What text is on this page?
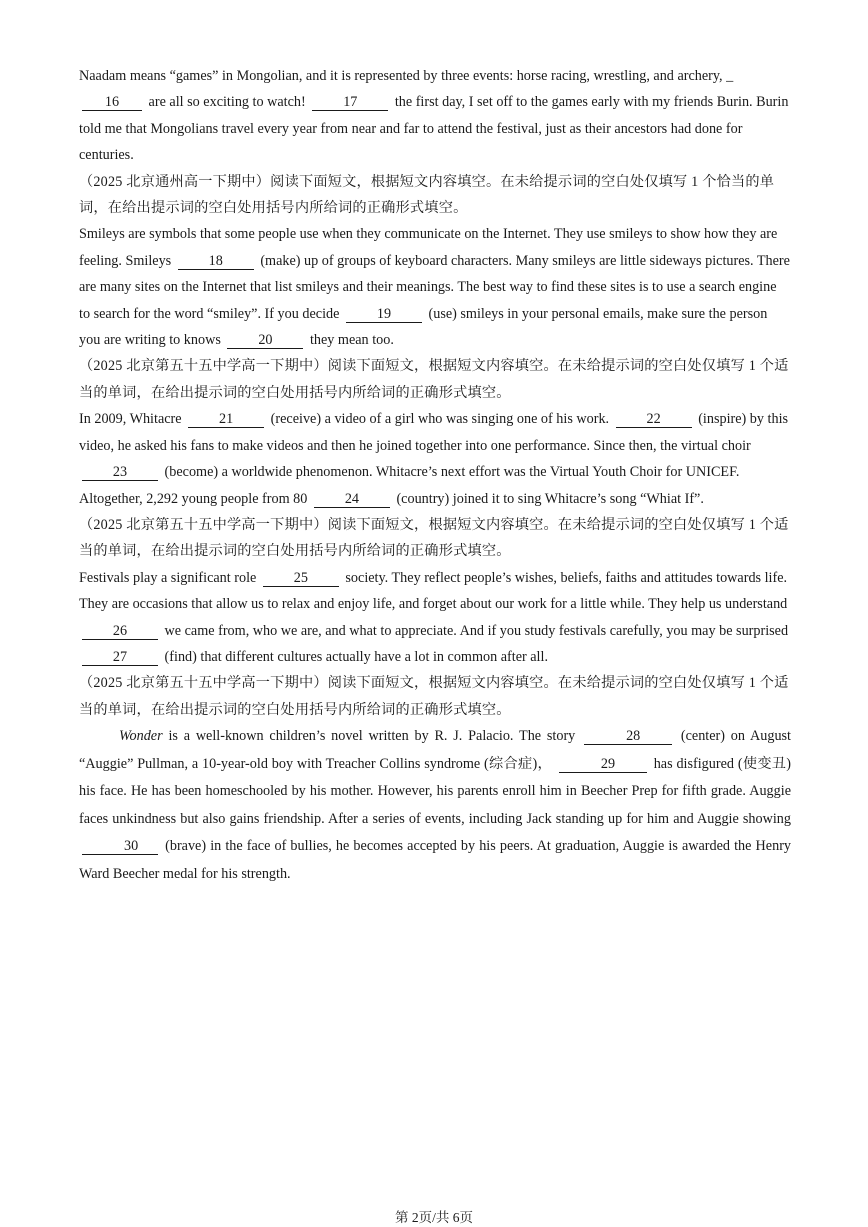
Naadam means “games” in Mongolian, and it is represented by three events: horse racing, wrestling, and archery, _
16 are all so exciting to watch!	17	the first day, I set off to the games early with my friends Burin. Burin told me that Mongolians travel every year from near and far to attend the festival, just as their ancestors had done for centuries.

（2025 北京通州高一下期中）阅读下面短文，根据短文内容填空。在未给提示词的空白处仅填写 1 个恰当的单词，在给出提示词的空白处用括号内所给词的正确形式填空。

Smileys are symbols that some people use when they communicate on the Internet. They use smileys to show how they are feeling. Smileys	18	(make) up of groups of keyboard characters. Many smileys are little sideways pictures. There are many sites on the Internet that list smileys and their meanings. The best way to find these sites is to use a search engine to search for the word “smiley”. If you decide	19	(use) smileys in your personal emails, make sure the person you are writing to knows	20	they mean too.

（2025 北京第五十五中学高一下期中）阅读下面短文，根据短文内容填空。在未给提示词的空白处仅填写 1 个适当的单词，在给出提示词的空白处用括号内所给词的正确形式填空。

In 2009, Whitacre	21	(receive) a video of a girl who was singing one of his work.	22	(inspire) by this video, he asked his fans to make videos and then he joined together into one performance. Since then, the virtual choir 23	(become) a worldwide phenomenon. Whitacre’s next effort was the Virtual Youth Choir for UNICEF. Altogether, 2,292 young people from 80	24	(country) joined it to sing Whitacre’s song “Whiat If”.

（2025 北京第五十五中学高一下期中）阅读下面短文，根据短文内容填空。在未给提示词的空白处仅填写 1 个适当的单词，在给出提示词的空白处用括号内所给词的正确形式填空。

Festivals play a significant role	25	society. They reflect people’s wishes, beliefs, faiths and attitudes towards life. They are occasions that allow us to relax and enjoy life, and forget about our work for a little while. They help us understand 26	we came from, who we are, and what to appreciate. And if you study festivals carefully, you may be surprised 27	(find) that different cultures actually have a lot in common after all.

（2025 北京第五十五中学高一下期中）阅读下面短文，根据短文内容填空。在未给提示词的空白处仅填写 1 个适当的单词，在给出提示词的空白处用括号内所给词的正确形式填空。

Wonder is a well-known children’s novel written by R. J. Palacio. The story	28	(center) on August “Auggie” Pullman, a 10-year-old boy with Treacher Collins syndrome (综合症)，	29	has disfigured (使变丑) his face. He has been homeschooled by his mother. However, his parents enroll him in Beecher Prep for fifth grade. Auggie faces unkindness but also gains friendship. After a series of events, including Jack standing up for him and Auggie showing 30 (brave) in the face of bullies, he becomes accepted by his peers. At graduation, Auggie is awarded the Henry Ward Beecher medal for his strength.

第 2页/共 6页
